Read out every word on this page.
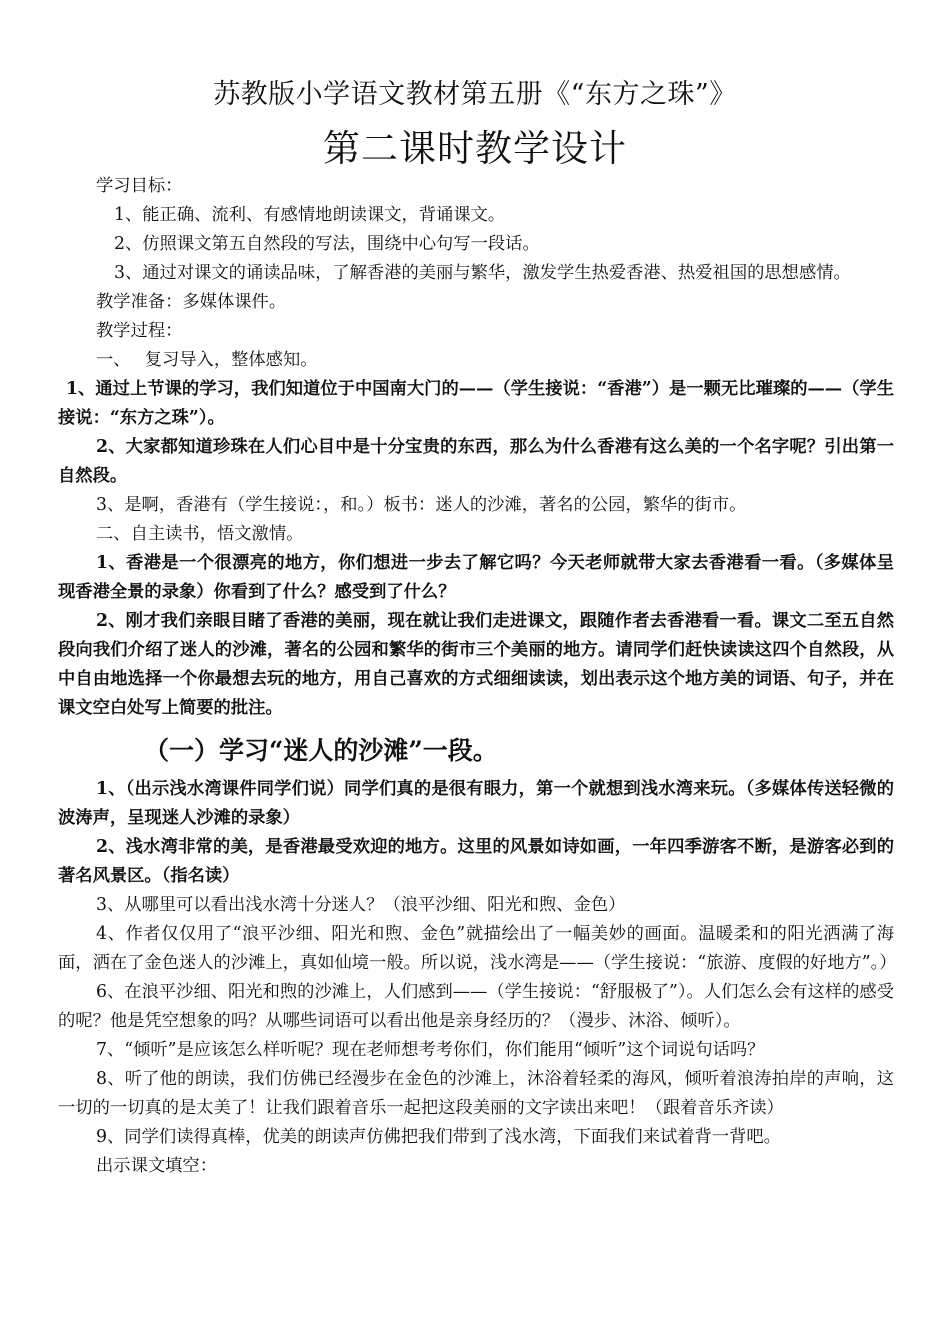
苏教版小学语文教材第五册《“东方之珠”》
第二课时教学设计

学习目标：

1、能正确、流利、有感情地朗读课文，背诵课文。

2、仿照课文第五自然段的写法，围绕中心句写一段话。

3、通过对课文的诵读品味，了解香港的美丽与繁华，激发学生热爱香港、热爱祖国的思想感情。

教学准备：多媒体课件。

教学过程：

一、　 复习导入，整体感知。

1、通过上节课的学习，我们知道位于中国南大门的——（学生接说：“香港”）是一颗无比璀璨的——（学生接说：“东方之珠”）。

2、大家都知道珍珠在人们心目中是十分宝贵的东西，那么为什么香港有这么美的一个名字呢？引出第一自然段。

3、是啊，香港有（学生接说：，和。）板书：迷人的沙滩，著名的公园，繁华的街市。

二、自主读书，悟文激情。

1、香港是一个很漂亮的地方，你们想进一步去了解它吗？今天老师就带大家去香港看一看。（多媒体呈现香港全景的录象）你看到了什么？感受到了什么？

2、刚才我们亲眼目睹了香港的美丽，现在就让我们走进课文，跟随作者去香港看一看。课文二至五自然段向我们介绍了迷人的沙滩，著名的公园和繁华的街市三个美丽的地方。请同学们赶快读读这四个自然段，从中自由地选择一个你最想去玩的地方，用自己喜欢的方式细细读读，划出表示这个地方美的词语、句子，并在课文空白处写上简要的批注。

（一）学习“迷人的沙滩”一段。

1、（出示浅水湾课件同学们说）同学们真的是很有眼力，第一个就想到浅水湾来玩。（多媒体传送轻微的波涛声，呈现迷人沙滩的录象）

2、浅水湾非常的美，是香港最受欢迎的地方。这里的风景如诗如画，一年四季游客不断，是游客必到的著名风景区。（指名读）

3、从哪里可以看出浅水湾十分迷人？（浪平沙细、阳光和煦、金色）

4、作者仅仅用了“浪平沙细、阳光和煦、金色”就描绘出了一幅美妙的画面。温暖柔和的阳光洒满了海面，洒在了金色迷人的沙滩上，真如仙境一般。所以说，浅水湾是——（学生接说：“旅游、度假的好地方”。）

6、在浪平沙细、阳光和煦的沙滩上，人们感到——（学生接说：“舒服极了”）。人们怎么会有这样的感受的呢？他是凭空想象的吗？从哪些词语可以看出他是亲身经历的？（漫步、沐浴、倾听）。

7、“倾听”是应该怎么样听呢？现在老师想考考你们，你们能用“倾听”这个词说句话吗？

8、听了他的朗读，我们仿佛已经漫步在金色的沙滩上，沐浴着轻柔的海风，倾听着浪涛拍岸的声响，这一切的一切真的是太美了！让我们跟着音乐一起把这段美丽的文字读出来吧！（跟着音乐齐读）

9、同学们读得真棒，优美的朗读声仿佛把我们带到了浅水湾，下面我们来试着背一背吧。

出示课文填空：
